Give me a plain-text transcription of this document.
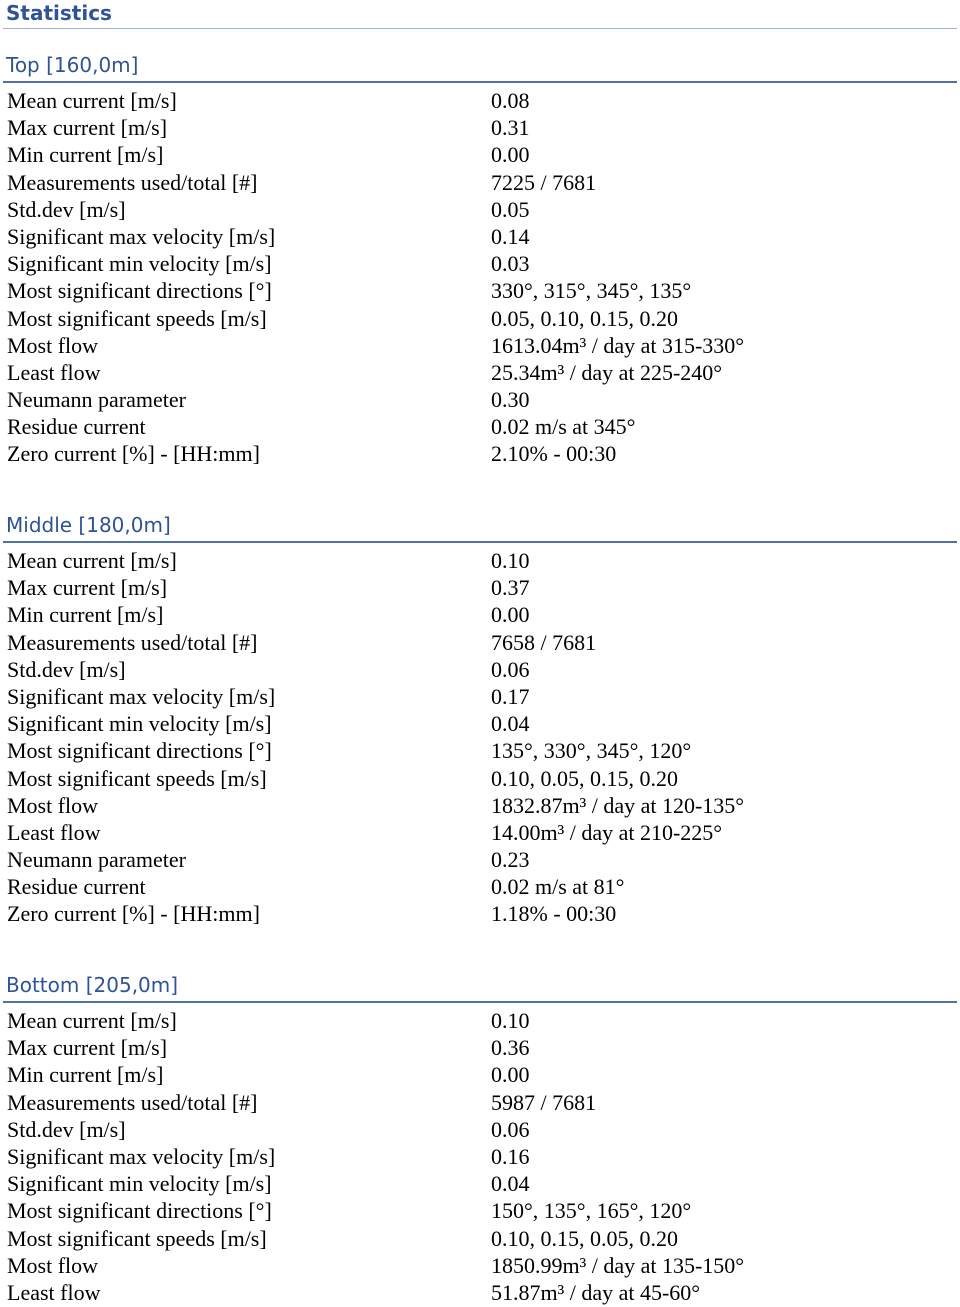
Statistics
Top [160,0m]
Mean current [m/s]	0.08
Max current [m/s]	0.31
Min current [m/s]	0.00
Measurements used/total [#]	7225 / 7681
Std.dev [m/s]	0.05
Significant max velocity [m/s]	0.14
Significant min velocity [m/s]	0.03
Most significant directions [°]	330°, 315°, 345°, 135°
Most significant speeds [m/s]	0.05, 0.10, 0.15, 0.20
Most flow	1613.04m³ / day at 315-330°
Least flow	25.34m³ / day at 225-240°
Neumann parameter	0.30
Residue current	0.02 m/s at 345°
Zero current [%] - [HH:mm]	2.10% - 00:30
Middle [180,0m]
Mean current [m/s]	0.10
Max current [m/s]	0.37
Min current [m/s]	0.00
Measurements used/total [#]	7658 / 7681
Std.dev [m/s]	0.06
Significant max velocity [m/s]	0.17
Significant min velocity [m/s]	0.04
Most significant directions [°]	135°, 330°, 345°, 120°
Most significant speeds [m/s]	0.10, 0.05, 0.15, 0.20
Most flow	1832.87m³ / day at 120-135°
Least flow	14.00m³ / day at 210-225°
Neumann parameter	0.23
Residue current	0.02 m/s at 81°
Zero current [%] - [HH:mm]	1.18% - 00:30
Bottom [205,0m]
Mean current [m/s]	0.10
Max current [m/s]	0.36
Min current [m/s]	0.00
Measurements used/total [#]	5987 / 7681
Std.dev [m/s]	0.06
Significant max velocity [m/s]	0.16
Significant min velocity [m/s]	0.04
Most significant directions [°]	150°, 135°, 165°, 120°
Most significant speeds [m/s]	0.10, 0.15, 0.05, 0.20
Most flow	1850.99m³ / day at 135-150°
Least flow	51.87m³ / day at 45-60°
